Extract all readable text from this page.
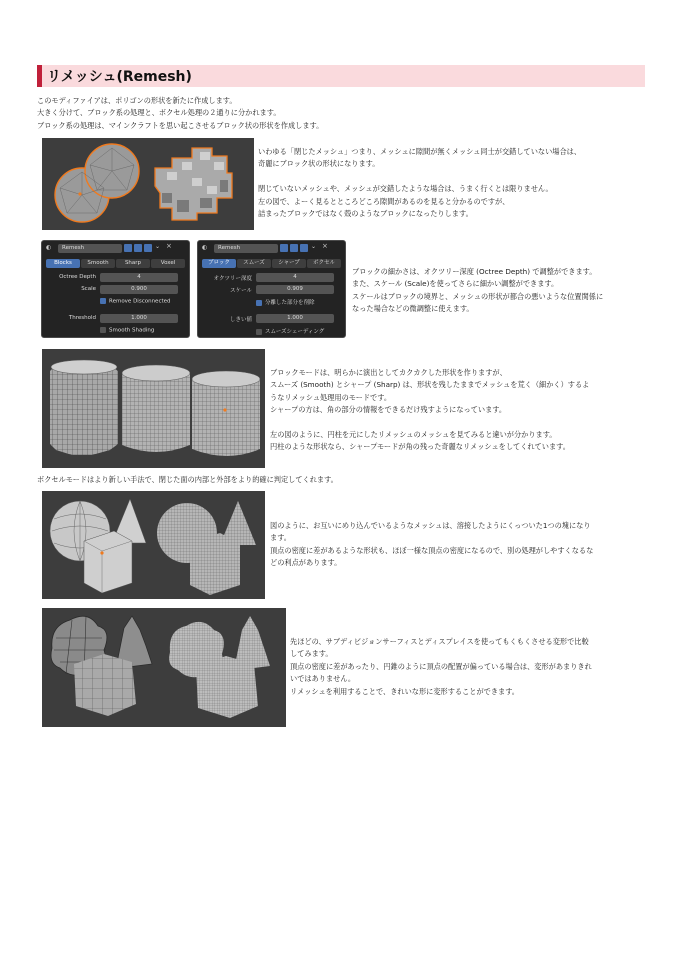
リメッシュ(Remesh)
このモディファイアは、ポリゴンの形状を新たに作成します。
大きく分けて、ブロック系の処理と、ボクセル処理の２通りに分かれます。
ブロック系の処理は、マインクラフトを思い起こさせるブロック状の形状を作成します。
いわゆる「閉じたメッシュ」つまり、メッシュに隙間が無くメッシュ同士が交錯していない場合は、
奇麗にブロック状の形状になります。

閉じていないメッシュや、メッシュが交錯したような場合は、うまく行くとは限りません。
左の図で、よーく見るとところどころ隙間があるのを見ると分かるのですが、
詰まったブロックではなく殻のようなブロックになったりします。
◐	Remesh	⌄ ×
Blocks	Smooth	Sharp	Voxel
Octree Depth	4
Scale	0.900
Remove Disconnected
Threshold	1.000
Smooth Shading
◐	Remesh	⌄ ×
ブロック	スムーズ	シャープ	ボクセル
オクツリー深度	4
スケール	0.909
分離した部分を削除
しきい値	1.000
スムーズシェーディング
ブロックの細かさは、オクツリー深度 (Octree Depth) で調整ができます。
また、スケール (Scale)を使ってさらに細かい調整ができます。
スケールはブロックの境界と、メッシュの形状が都合の悪いような位置関係に
なった場合などの微調整に使えます。
ブロックモードは、明らかに演出としてカクカクした形状を作りますが、
スムーズ (Smooth) とシャープ (Sharp) は、形状を残したままでメッシュを荒く（細かく）するよ
うなリメッシュ処理用のモードです。
シャープの方は、角の部分の情報をできるだけ残すようになっています。

左の図のように、円柱を元にしたリメッシュのメッシュを見てみると違いが分かります。
円柱のような形状なら、シャープモードが角の残った奇麗なリメッシュをしてくれています。
ボクセルモードはより新しい手法で、閉じた面の内部と外部をより的確に判定してくれます。
図のように、お互いにめり込んでいるようなメッシュは、溶接したようにくっついた1つの塊になり
ます。
頂点の密度に差があるような形状も、ほぼ一様な頂点の密度になるので、別の処理がしやすくなるな
どの利点があります。
先ほどの、サブディビジョンサーフィスとディスプレイスを使ってもくもくさせる変形で比較
してみます。
頂点の密度に差があったり、円錐のように頂点の配置が偏っている場合は、変形があまりきれ
いではありません。
リメッシュを利用することで、きれいな形に変形することができます。
